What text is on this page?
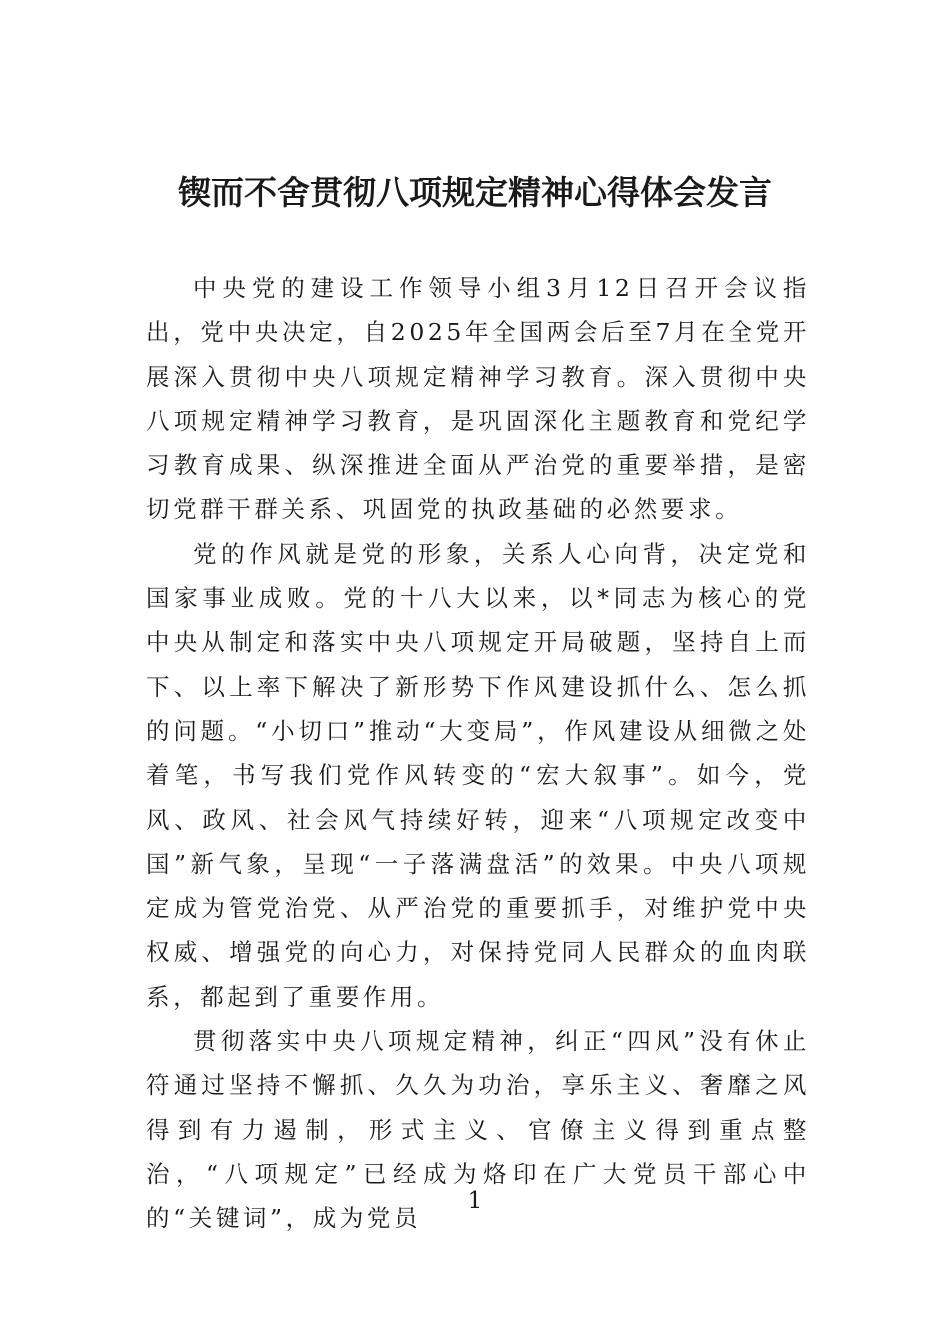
锲而不舍贯彻八项规定精神心得体会发言

中央党的建设工作领导小组3月12日召开会议指出，党中央决定，自2025年全国两会后至7月在全党开展深入贯彻中央八项规定精神学习教育。深入贯彻中央八项规定精神学习教育，是巩固深化主题教育和党纪学习教育成果、纵深推进全面从严治党的重要举措，是密切党群干群关系、巩固党的执政基础的必然要求。

党的作风就是党的形象，关系人心向背，决定党和国家事业成败。党的十八大以来，以*同志为核心的党中央从制定和落实中央八项规定开局破题，坚持自上而下、以上率下解决了新形势下作风建设抓什么、怎么抓的问题。“小切口”推动“大变局”，作风建设从细微之处着笔，书写我们党作风转变的“宏大叙事”。如今，党风、政风、社会风气持续好转，迎来“八项规定改变中国”新气象，呈现“一子落满盘活”的效果。中央八项规定成为管党治党、从严治党的重要抓手，对维护党中央权威、增强党的向心力，对保持党同人民群众的血肉联系，都起到了重要作用。

贯彻落实中央八项规定精神，纠正“四风”没有休止符通过坚持不懈抓、久久为功治，享乐主义、奢靡之风得到有力遏制，形式主义、官僚主义得到重点整治，“八项规定”已经成为烙印在广大党员干部心中的“关键词”，成为党员

1
